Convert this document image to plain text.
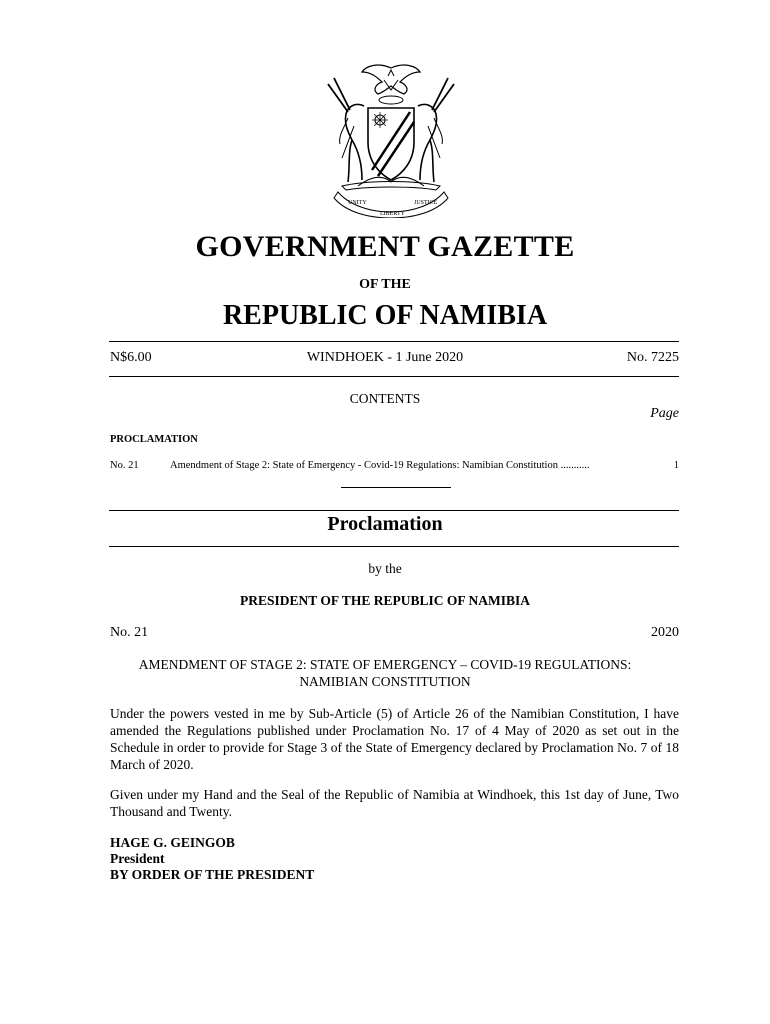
UNITY
LIBERTY
JUSTICE
GOVERNMENT GAZETTE
OF THE
REPUBLIC OF NAMIBIA
N$6.00	WINDHOEK - 1 June 2020	No. 7225
CONTENTS
Page
PROCLAMATION
No. 21	Amendment of Stage 2: State of Emergency - Covid-19 Regulations: Namibian Constitution ...........	1
Proclamation
by the
PRESIDENT OF THE REPUBLIC OF NAMIBIA
No. 21	2020
AMENDMENT OF STAGE 2: STATE OF EMERGENCY – COVID-19 REGULATIONS:
NAMIBIAN CONSTITUTION
Under the powers vested in me by Sub-Article (5) of Article 26 of the Namibian Constitution, I have amended the Regulations published under Proclamation No. 17 of 4 May of 2020 as set out in the Schedule in order to provide for Stage 3 of the State of Emergency declared by Proclamation No. 7 of 18 March of 2020.
Given under my Hand and the Seal of the Republic of Namibia at Windhoek, this 1st day of June, Two Thousand and Twenty.
HAGE G. GEINGOB
President
BY ORDER OF THE PRESIDENT
